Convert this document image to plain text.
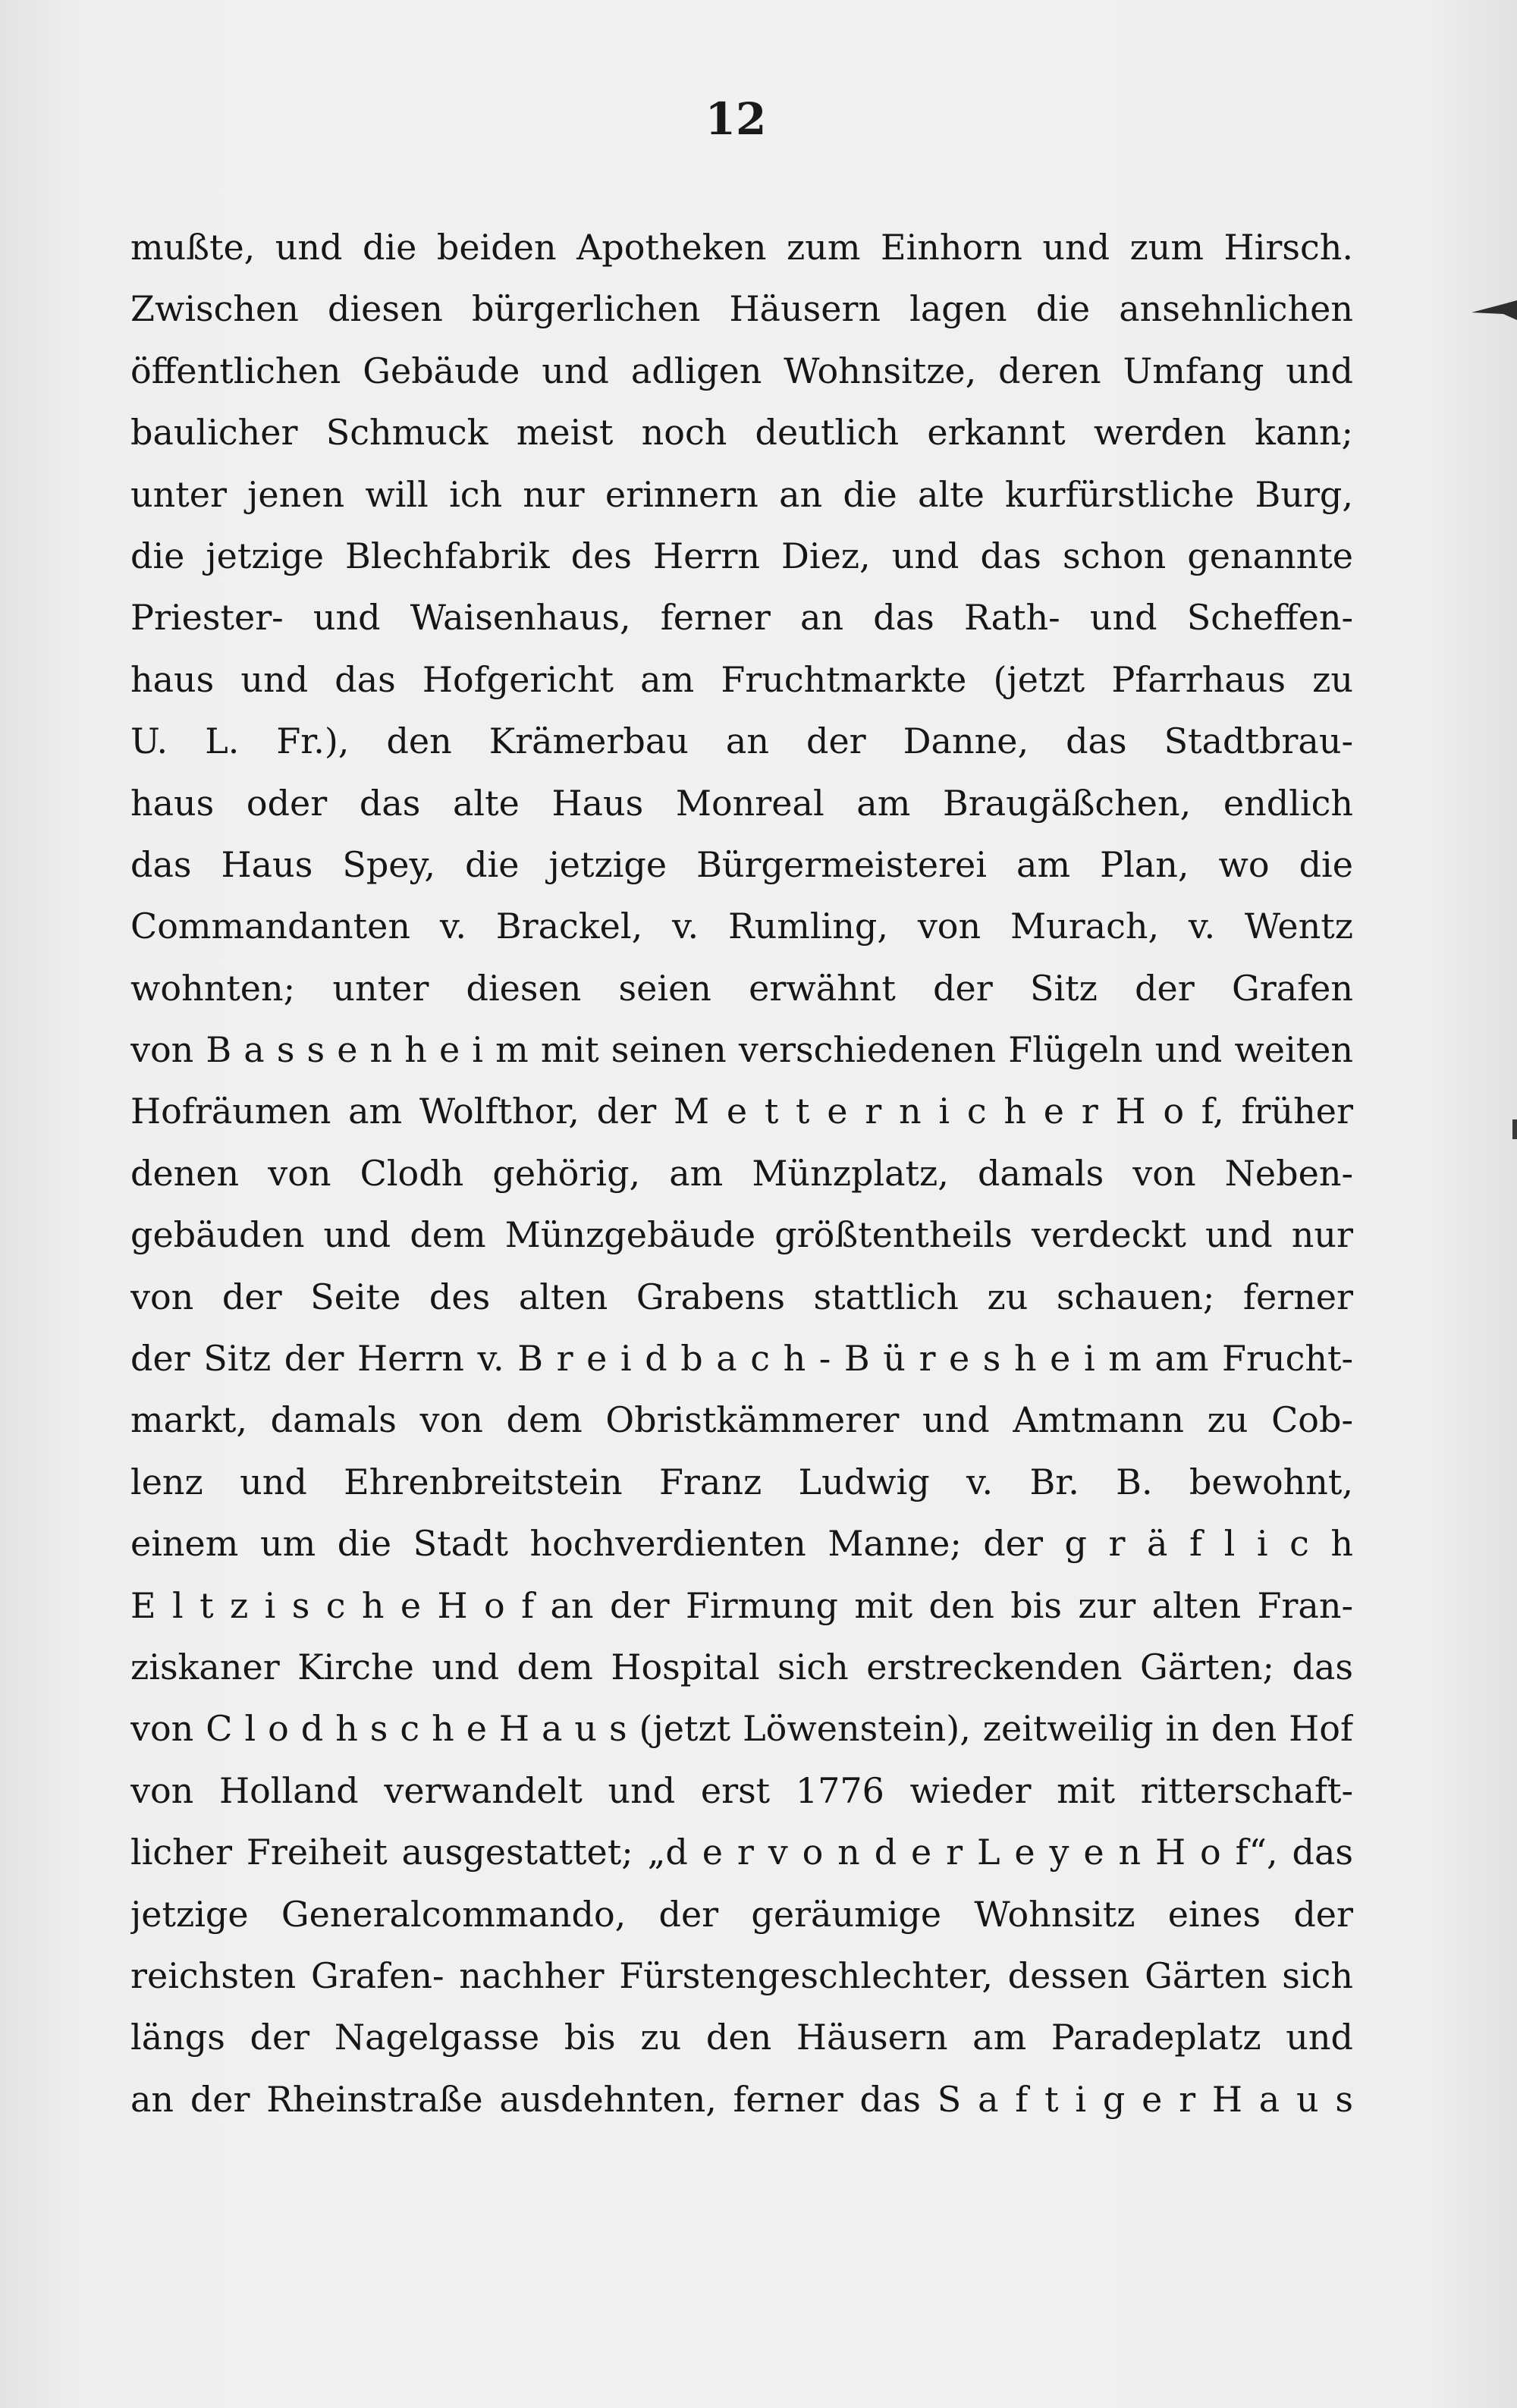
12
mußte, und die beiden Apotheken zum Einhorn und zum Hirsch.
Zwischen diesen bürgerlichen Häusern lagen die ansehnlichen
öffentlichen Gebäude und adligen Wohnsitze, deren Umfang und
baulicher Schmuck meist noch deutlich erkannt werden kann;
unter jenen will ich nur erinnern an die alte kurfürstliche Burg,
die jetzige Blechfabrik des Herrn Diez, und das schon genannte
Priester- und Waisenhaus, ferner an das Rath- und Scheffen-
haus und das Hofgericht am Fruchtmarkte (jetzt Pfarrhaus zu
U. L. Fr.), den Krämerbau an der Danne, das Stadtbrau-
haus oder das alte Haus Monreal am Braugäßchen, endlich
das Haus Spey, die jetzige Bürgermeisterei am Plan, wo die
Commandanten v. Brackel, v. Rumling, von Murach, v. Wentz
wohnten; unter diesen seien erwähnt der Sitz der Grafen
von B a s s e n h e i m mit seinen verschiedenen Flügeln und weiten
Hofräumen am Wolfthor, der M e t t e r n i c h e r H o f, früher
denen von Clodh gehörig, am Münzplatz, damals von Neben-
gebäuden und dem Münzgebäude größtentheils verdeckt und nur
von der Seite des alten Grabens stattlich zu schauen; ferner
der Sitz der Herrn v. B r e i d b a c h - B ü r e s h e i m am Frucht-
markt, damals von dem Obristkämmerer und Amtmann zu Cob-
lenz und Ehrenbreitstein Franz Ludwig v. Br. B. bewohnt,
einem um die Stadt hochverdienten Manne; der g r ä f l i c h
E l t z i s c h e H o f an der Firmung mit den bis zur alten Fran-
ziskaner Kirche und dem Hospital sich erstreckenden Gärten; das
von C l o d h s c h e H a u s (jetzt Löwenstein), zeitweilig in den Hof
von Holland verwandelt und erst 1776 wieder mit ritterschaft-
licher Freiheit ausgestattet; „d e r v o n d e r L e y e n H o f“, das
jetzige Generalcommando, der geräumige Wohnsitz eines der
reichsten Grafen- nachher Fürstengeschlechter, dessen Gärten sich
längs der Nagelgasse bis zu den Häusern am Paradeplatz und
an der Rheinstraße ausdehnten, ferner das S a f t i g e r H a u s
